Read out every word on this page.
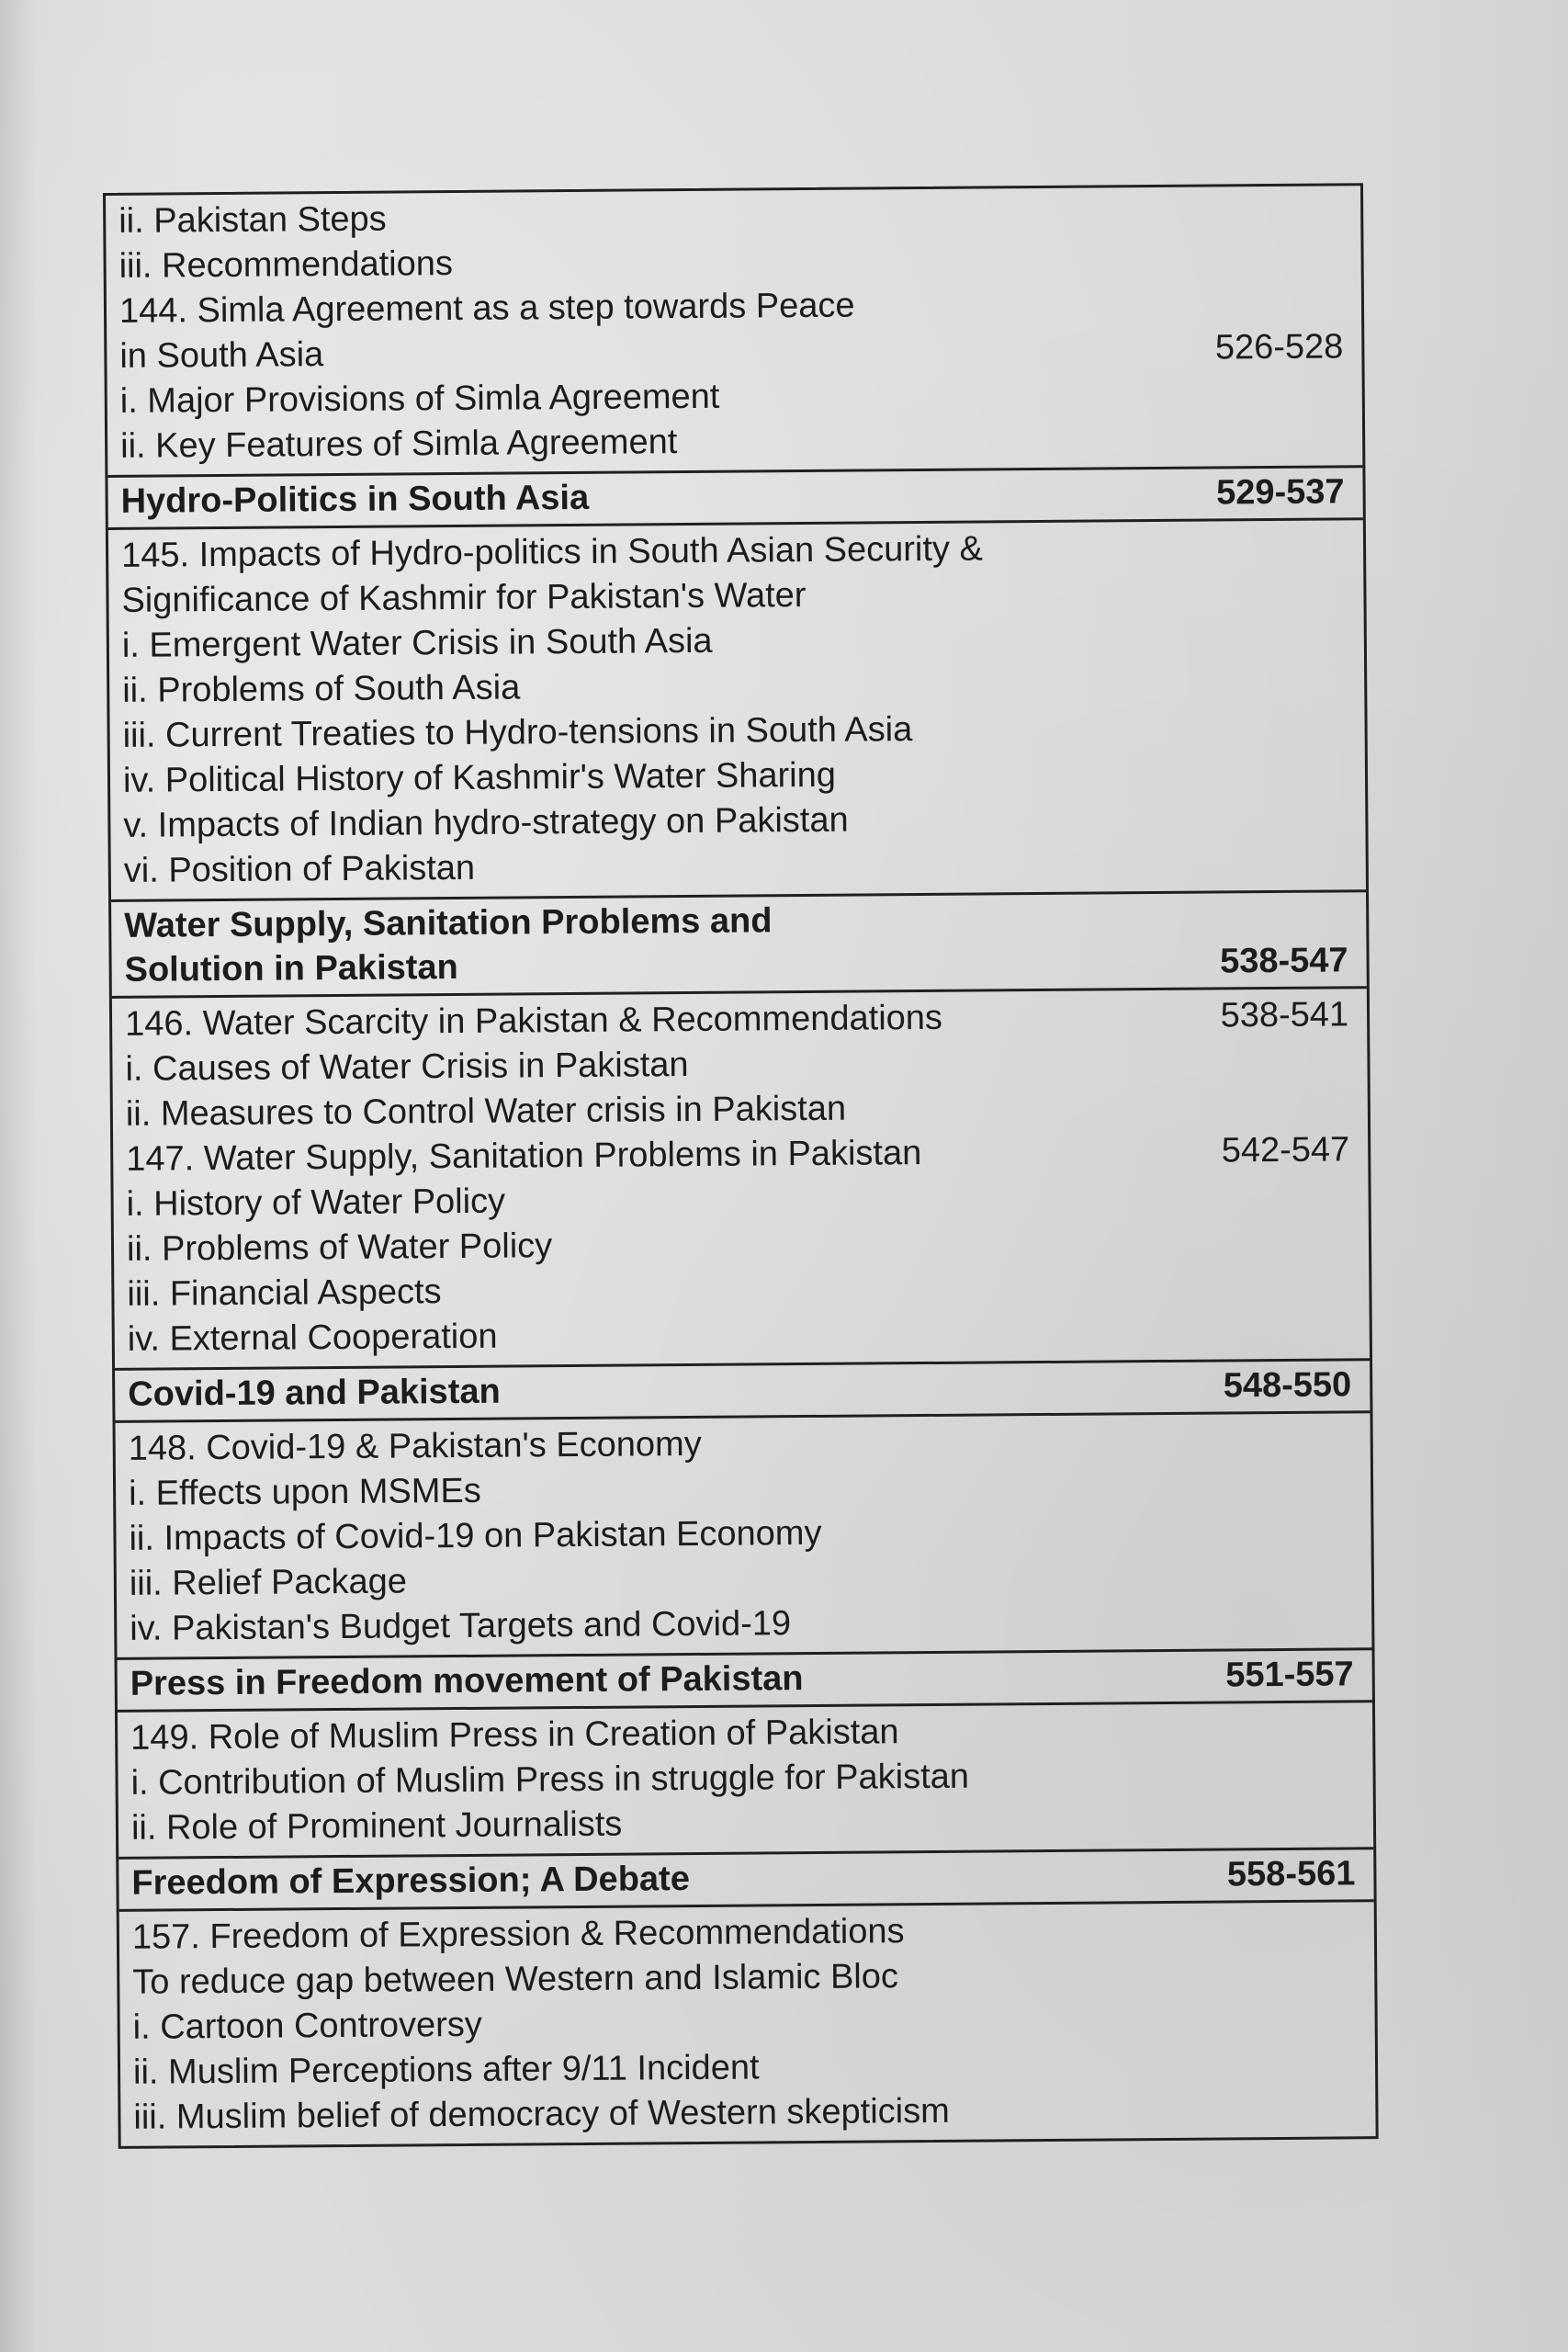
ii. Pakistan Steps
iii. Recommendations
144. Simla Agreement as a step towards Peace
in South Asia	526-528
i. Major Provisions of Simla Agreement
ii. Key Features of Simla Agreement
Hydro-Politics in South Asia	529-537
145. Impacts of Hydro-politics in South Asian Security &
Significance of Kashmir for Pakistan's Water
i. Emergent Water Crisis in South Asia
ii. Problems of South Asia
iii. Current Treaties to Hydro-tensions in South Asia
iv. Political History of Kashmir's Water Sharing
v. Impacts of Indian hydro-strategy on Pakistan
vi. Position of Pakistan
Water Supply, Sanitation Problems and
Solution in Pakistan	538-547
146. Water Scarcity in Pakistan & Recommendations	538-541
i. Causes of Water Crisis in Pakistan
ii. Measures to Control Water crisis in Pakistan
147. Water Supply, Sanitation Problems in Pakistan	542-547
i. History of Water Policy
ii. Problems of Water Policy
iii. Financial Aspects
iv. External Cooperation
Covid-19 and Pakistan	548-550
148. Covid-19 & Pakistan's Economy
i. Effects upon MSMEs
ii. Impacts of Covid-19 on Pakistan Economy
iii. Relief Package
iv. Pakistan's Budget Targets and Covid-19
Press in Freedom movement of Pakistan	551-557
149. Role of Muslim Press in Creation of Pakistan
i. Contribution of Muslim Press in struggle for Pakistan
ii. Role of Prominent Journalists
Freedom of Expression; A Debate	558-561
157. Freedom of Expression & Recommendations
To reduce gap between Western and Islamic Bloc
i. Cartoon Controversy
ii. Muslim Perceptions after 9/11 Incident
iii. Muslim belief of democracy of Western skepticism
